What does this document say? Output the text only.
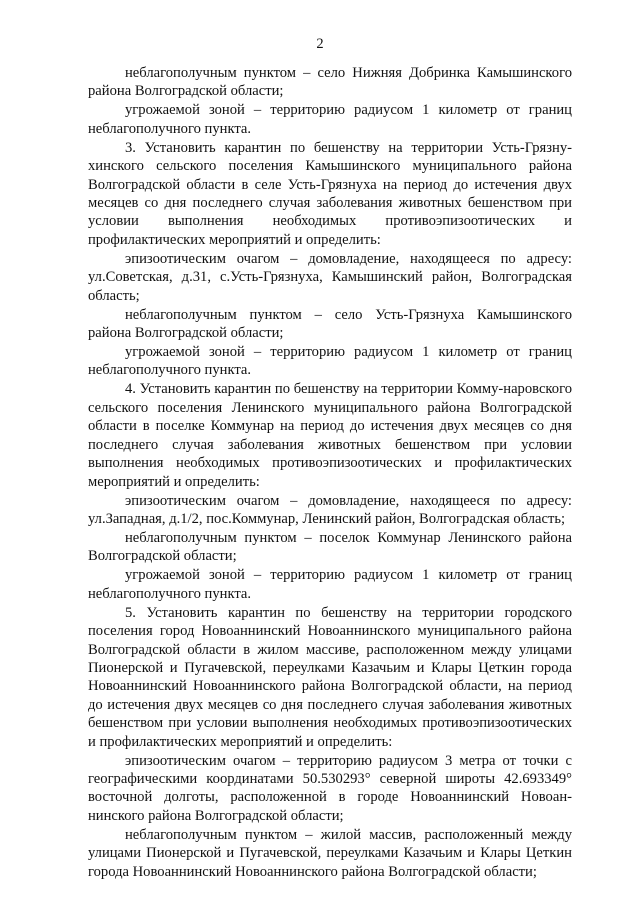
2

неблагополучным пунктом – село Нижняя Добринка Камышинского района Волгоградской области;

угрожаемой зоной – территорию радиусом 1 километр от границ неблагополучного пункта.

3. Установить карантин по бешенству на территории Усть-Грязну-хинского сельского поселения Камышинского муниципального района Волгоградской области в селе Усть-Грязнуха на период до истечения двух месяцев со дня последнего случая заболевания животных бешенством при условии выполнения необходимых противоэпизоотических и профилактических мероприятий и определить:

эпизоотическим очагом – домовладение, находящееся по адресу: ул.Советская, д.31, с.Усть-Грязнуха, Камышинский район, Волгоградская область;

неблагополучным пунктом – село Усть-Грязнуха Камышинского района Волгоградской области;

угрожаемой зоной – территорию радиусом 1 километр от границ неблагополучного пункта.

4. Установить карантин по бешенству на территории Комму-наровского сельского поселения Ленинского муниципального района Волгоградской области в поселке Коммунар на период до истечения двух месяцев со дня последнего случая заболевания животных бешенством при условии выполнения необходимых противоэпизоотических и профилактических мероприятий и определить:

эпизоотическим очагом – домовладение, находящееся по адресу: ул.Западная, д.1/2, пос.Коммунар, Ленинский район, Волгоградская область;

неблагополучным пунктом – поселок Коммунар Ленинского района Волгоградской области;

угрожаемой зоной – территорию радиусом 1 километр от границ неблагополучного пункта.

5. Установить карантин по бешенству на территории городского поселения город Новоаннинский Новоаннинского муниципального района Волгоградской области в жилом массиве, расположенном между улицами Пионерской и Пугачевской, переулками Казачьим и Клары Цеткин города Новоаннинский Новоаннинского района Волгоградской области, на период до истечения двух месяцев со дня последнего случая заболевания животных бешенством при условии выполнения необходимых противоэпизоотических и профилактических мероприятий и определить:

эпизоотическим очагом – территорию радиусом 3 метра от точки с географическими координатами 50.530293° северной широты 42.693349° восточной долготы, расположенной в городе Новоаннинский Новоан-нинского района Волгоградской области;

неблагополучным пунктом – жилой массив, расположенный между улицами Пионерской и Пугачевской, переулками Казачьим и Клары Цеткин города Новоаннинский Новоаннинского района Волгоградской области;
